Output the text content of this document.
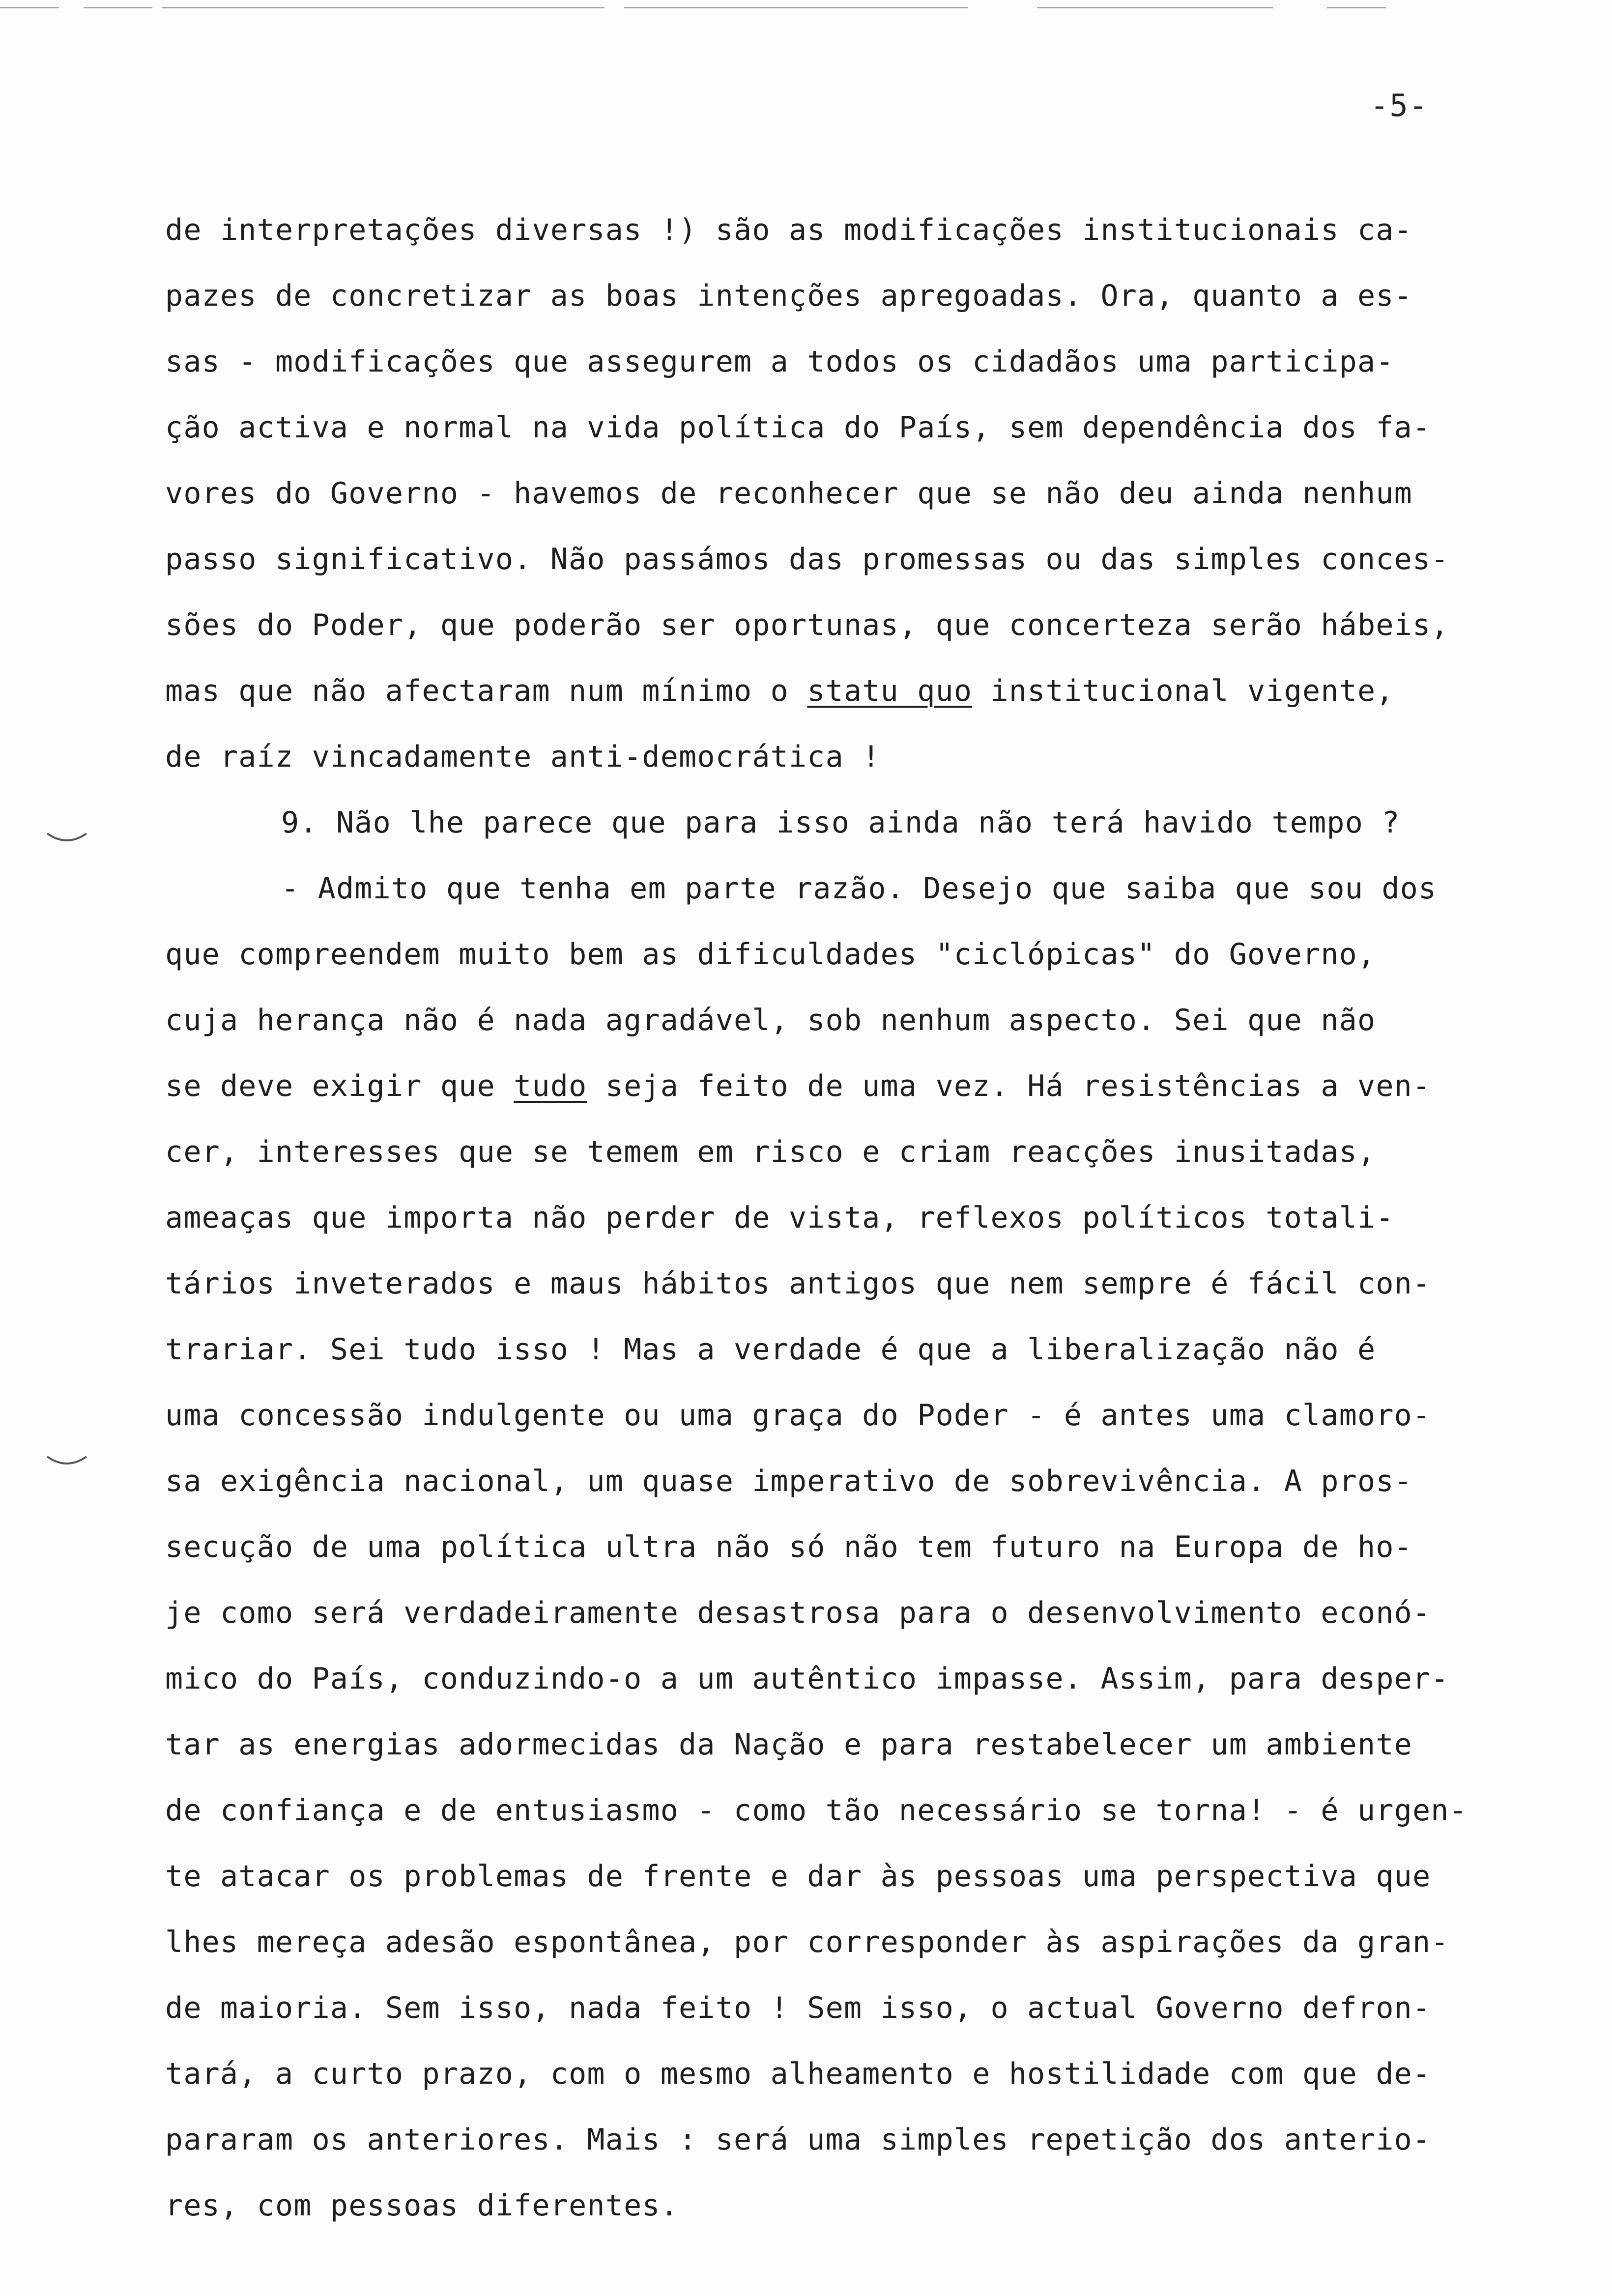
-5-
de interpretações diversas !) são as modificações institucionais ca-
pazes de concretizar as boas intenções apregoadas. Ora, quanto a es-
sas - modificações que assegurem a todos os cidadãos uma participa-
ção activa e normal na vida política do País, sem dependência dos fa-
vores do Governo - havemos de reconhecer que se não deu ainda nenhum
passo significativo. Não passámos das promessas ou das simples conces-
sões do Poder, que poderão ser oportunas, que concerteza serão hábeis,
mas que não afectaram num mínimo o statu quo institucional vigente,
de raíz vincadamente anti-democrática !
9. Não lhe parece que para isso ainda não terá havido tempo ?
- Admito que tenha em parte razão. Desejo que saiba que sou dos
que compreendem muito bem as dificuldades "ciclópicas" do Governo,
cuja herança não é nada agradável, sob nenhum aspecto. Sei que não
se deve exigir que tudo seja feito de uma vez. Há resistências a ven-
cer, interesses que se temem em risco e criam reacções inusitadas,
ameaças que importa não perder de vista, reflexos políticos totali-
tários inveterados e maus hábitos antigos que nem sempre é fácil con-
trariar. Sei tudo isso ! Mas a verdade é que a liberalização não é
uma concessão indulgente ou uma graça do Poder - é antes uma clamoro-
sa exigência nacional, um quase imperativo de sobrevivência. A pros-
secução de uma política ultra não só não tem futuro na Europa de ho-
je como será verdadeiramente desastrosa para o desenvolvimento econó-
mico do País, conduzindo-o a um autêntico impasse. Assim, para desper-
tar as energias adormecidas da Nação e para restabelecer um ambiente
de confiança e de entusiasmo - como tão necessário se torna! - é urgen-
te atacar os problemas de frente e dar às pessoas uma perspectiva que
lhes mereça adesão espontânea, por corresponder às aspirações da gran-
de maioria. Sem isso, nada feito ! Sem isso, o actual Governo defron-
tará, a curto prazo, com o mesmo alheamento e hostilidade com que de-
pararam os anteriores. Mais : será uma simples repetição dos anterio-
res, com pessoas diferentes.
